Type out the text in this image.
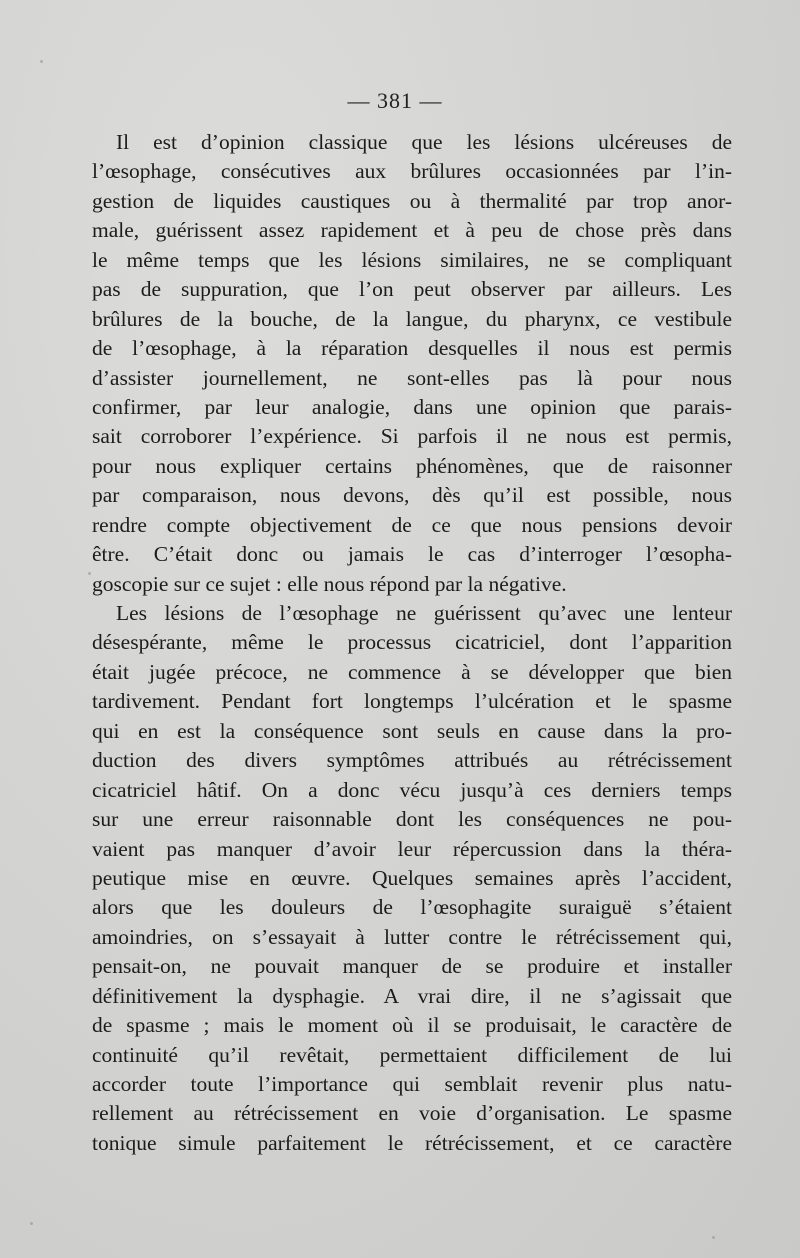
— 381 —
Il est d’opinion classique que les lésions ulcéreuses de
l’œsophage, consécutives aux brûlures occasionnées par l’in-
gestion de liquides caustiques ou à thermalité par trop anor-
male, guérissent assez rapidement et à peu de chose près dans
le même temps que les lésions similaires, ne se compliquant
pas de suppuration, que l’on peut observer par ailleurs. Les
brûlures de la bouche, de la langue, du pharynx, ce vestibule
de l’œsophage, à la réparation desquelles il nous est permis
d’assister journellement, ne sont-elles pas là pour nous
confirmer, par leur analogie, dans une opinion que parais-
sait corroborer l’expérience. Si parfois il ne nous est permis,
pour nous expliquer certains phénomènes, que de raisonner
par comparaison, nous devons, dès qu’il est possible, nous
rendre compte objectivement de ce que nous pensions devoir
être. C’était donc ou jamais le cas d’interroger l’œsopha-
goscopie sur ce sujet : elle nous répond par la négative.
Les lésions de l’œsophage ne guérissent qu’avec une lenteur
désespérante, même le processus cicatriciel, dont l’apparition
était jugée précoce, ne commence à se développer que bien
tardivement. Pendant fort longtemps l’ulcération et le spasme
qui en est la conséquence sont seuls en cause dans la pro-
duction des divers symptômes attribués au rétrécissement
cicatriciel hâtif. On a donc vécu jusqu’à ces derniers temps
sur une erreur raisonnable dont les conséquences ne pou-
vaient pas manquer d’avoir leur répercussion dans la théra-
peutique mise en œuvre. Quelques semaines après l’accident,
alors que les douleurs de l’œsophagite suraiguë s’étaient
amoindries, on s’essayait à lutter contre le rétrécissement qui,
pensait-on, ne pouvait manquer de se produire et installer
définitivement la dysphagie. A vrai dire, il ne s’agissait que
de spasme ; mais le moment où il se produisait, le caractère de
continuité qu’il revêtait, permettaient difficilement de lui
accorder toute l’importance qui semblait revenir plus natu-
rellement au rétrécissement en voie d’organisation. Le spasme
tonique simule parfaitement le rétrécissement, et ce caractère
